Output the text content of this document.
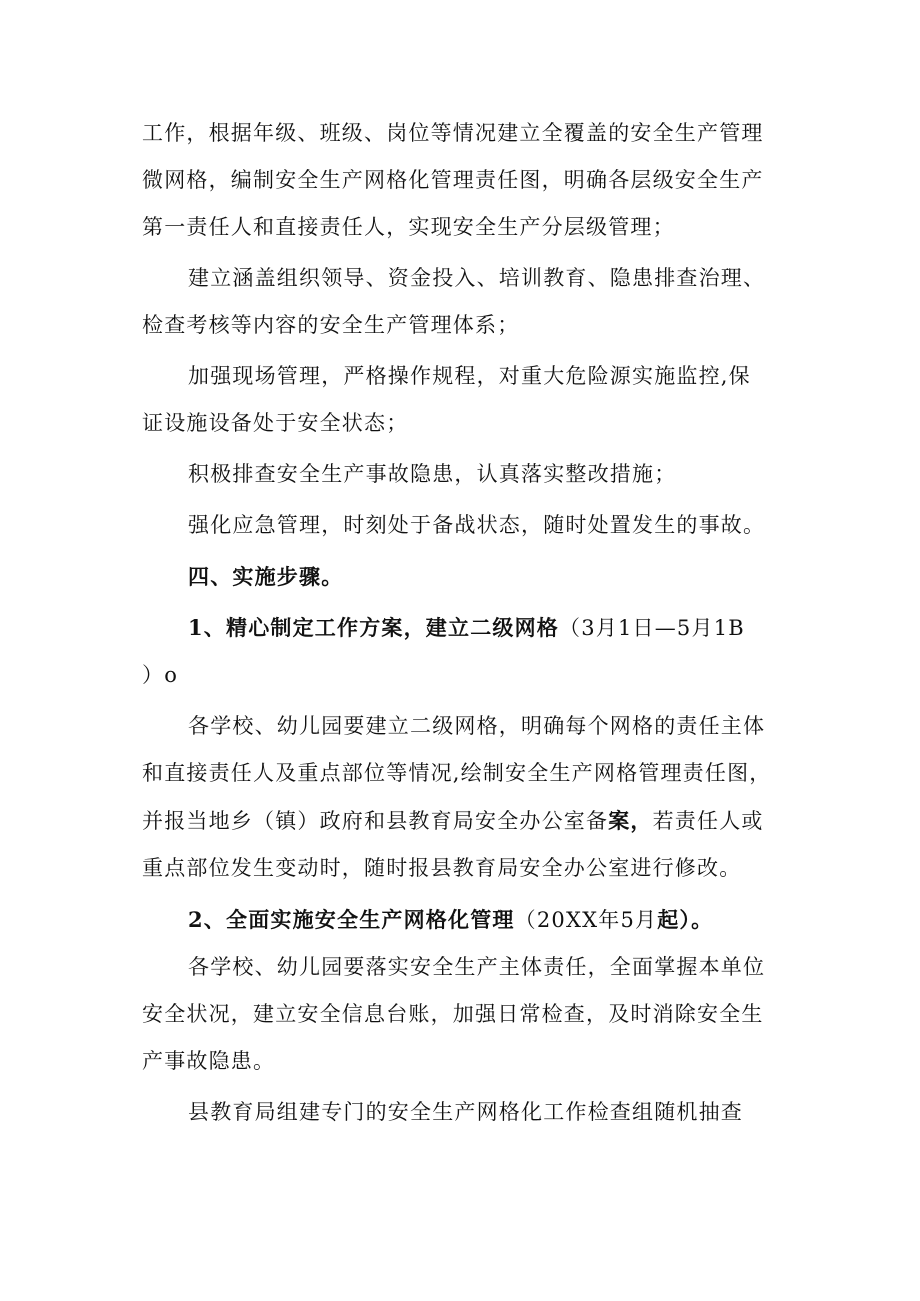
工作，根据年级、班级、岗位等情况建立全覆盖的安全生产管理

微网格，编制安全生产网格化管理责任图，明确各层级安全生产

第一责任人和直接责任人，实现安全生产分层级管理；

建立涵盖组织领导、资金投入、培训教育、隐患排查治理、

检查考核等内容的安全生产管理体系；

加强现场管理，严格操作规程，对重大危险源实施监控,保

证设施设备处于安全状态；

积极排查安全生产事故隐患，认真落实整改措施；

强化应急管理，时刻处于备战状态，随时处置发生的事故。

四、实施步骤。

1、精心制定工作方案，建立二级网格（3月1日—5月1B

）o

各学校、幼儿园要建立二级网格，明确每个网格的责任主体

和直接责任人及重点部位等情况,绘制安全生产网格管理责任图，

并报当地乡（镇）政府和县教育局安全办公室备案，若责任人或

重点部位发生变动时，随时报县教育局安全办公室进行修改。

2、全面实施安全生产网格化管理（20XX年5月起）。

各学校、幼儿园要落实安全生产主体责任，全面掌握本单位

安全状况，建立安全信息台账，加强日常检查，及时消除安全生

产事故隐患。

县教育局组建专门的安全生产网格化工作检查组随机抽查
